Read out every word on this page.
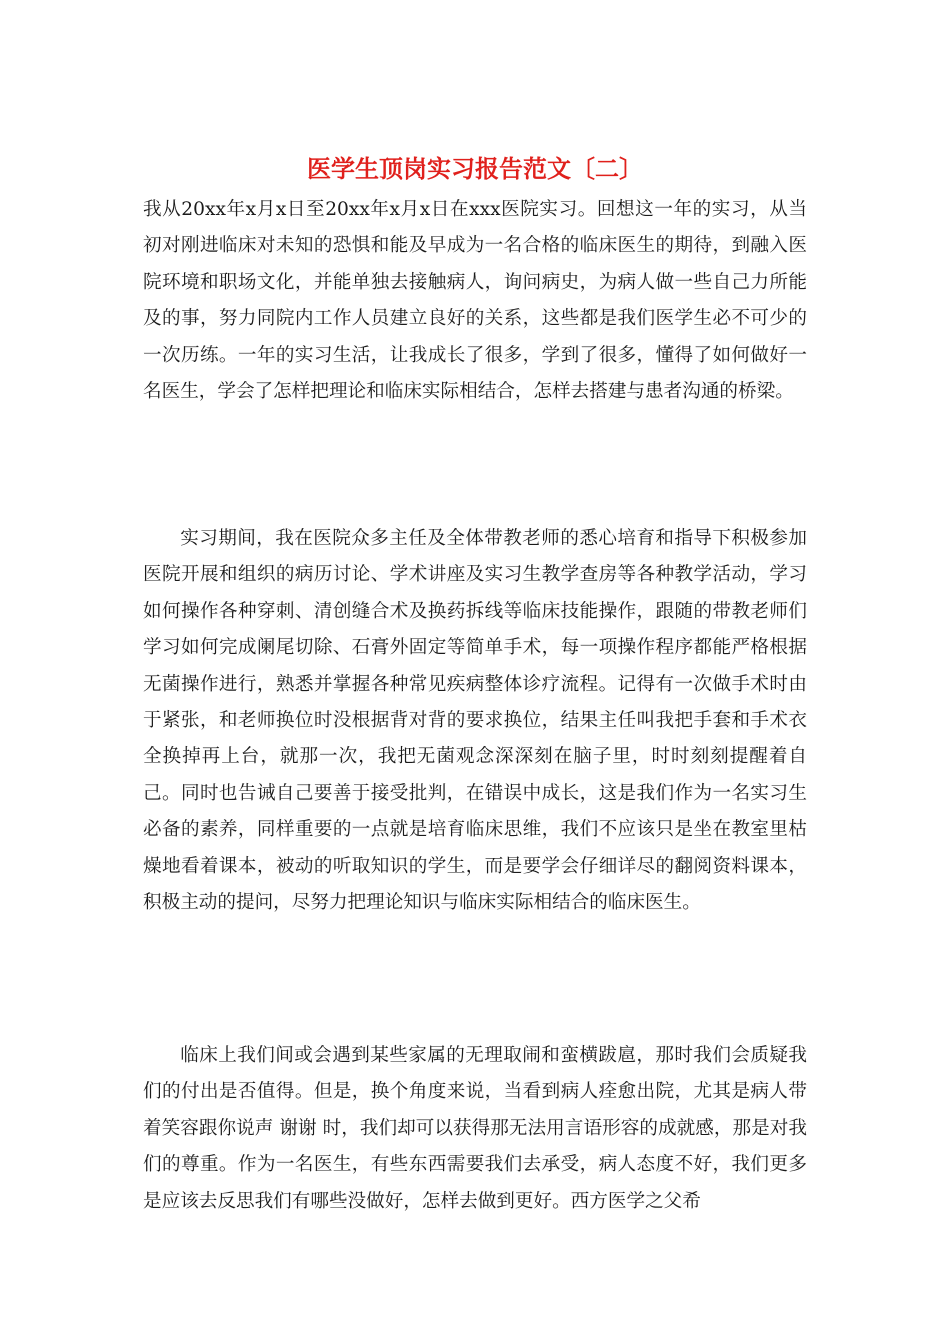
医学生顶岗实习报告范文〔二〕

我从20xx年x月x日至20xx年x月x日在xxx医院实习。回想这一年的实习，从当初对刚进临床对未知的恐惧和能及早成为一名合格的临床医生的期待，到融入医院环境和职场文化，并能单独去接触病人，询问病史，为病人做一些自己力所能及的事，努力同院内工作人员建立良好的关系，这些都是我们医学生必不可少的一次历练。一年的实习生活，让我成长了很多，学到了很多，懂得了如何做好一名医生，学会了怎样把理论和临床实际相结合，怎样去搭建与患者沟通的桥梁。

实习期间，我在医院众多主任及全体带教老师的悉心培育和指导下积极参加医院开展和组织的病历讨论、学术讲座及实习生教学查房等各种教学活动，学习如何操作各种穿刺、清创缝合术及换药拆线等临床技能操作，跟随的带教老师们学习如何完成阑尾切除、石膏外固定等简单手术，每一项操作程序都能严格根据无菌操作进行，熟悉并掌握各种常见疾病整体诊疗流程。记得有一次做手术时由于紧张，和老师换位时没根据背对背的要求换位，结果主任叫我把手套和手术衣全换掉再上台，就那一次，我把无菌观念深深刻在脑子里，时时刻刻提醒着自己。同时也告诫自己要善于接受批判，在错误中成长，这是我们作为一名实习生必备的素养，同样重要的一点就是培育临床思维，我们不应该只是坐在教室里枯燥地看着课本，被动的听取知识的学生，而是要学会仔细详尽的翻阅资料课本，积极主动的提问，尽努力把理论知识与临床实际相结合的临床医生。

临床上我们间或会遇到某些家属的无理取闹和蛮横跋扈，那时我们会质疑我们的付出是否值得。但是，换个角度来说，当看到病人痊愈出院，尤其是病人带着笑容跟你说声 谢谢 时，我们却可以获得那无法用言语形容的成就感，那是对我们的尊重。作为一名医生，有些东西需要我们去承受，病人态度不好，我们更多是应该去反思我们有哪些没做好，怎样去做到更好。西方医学之父希
